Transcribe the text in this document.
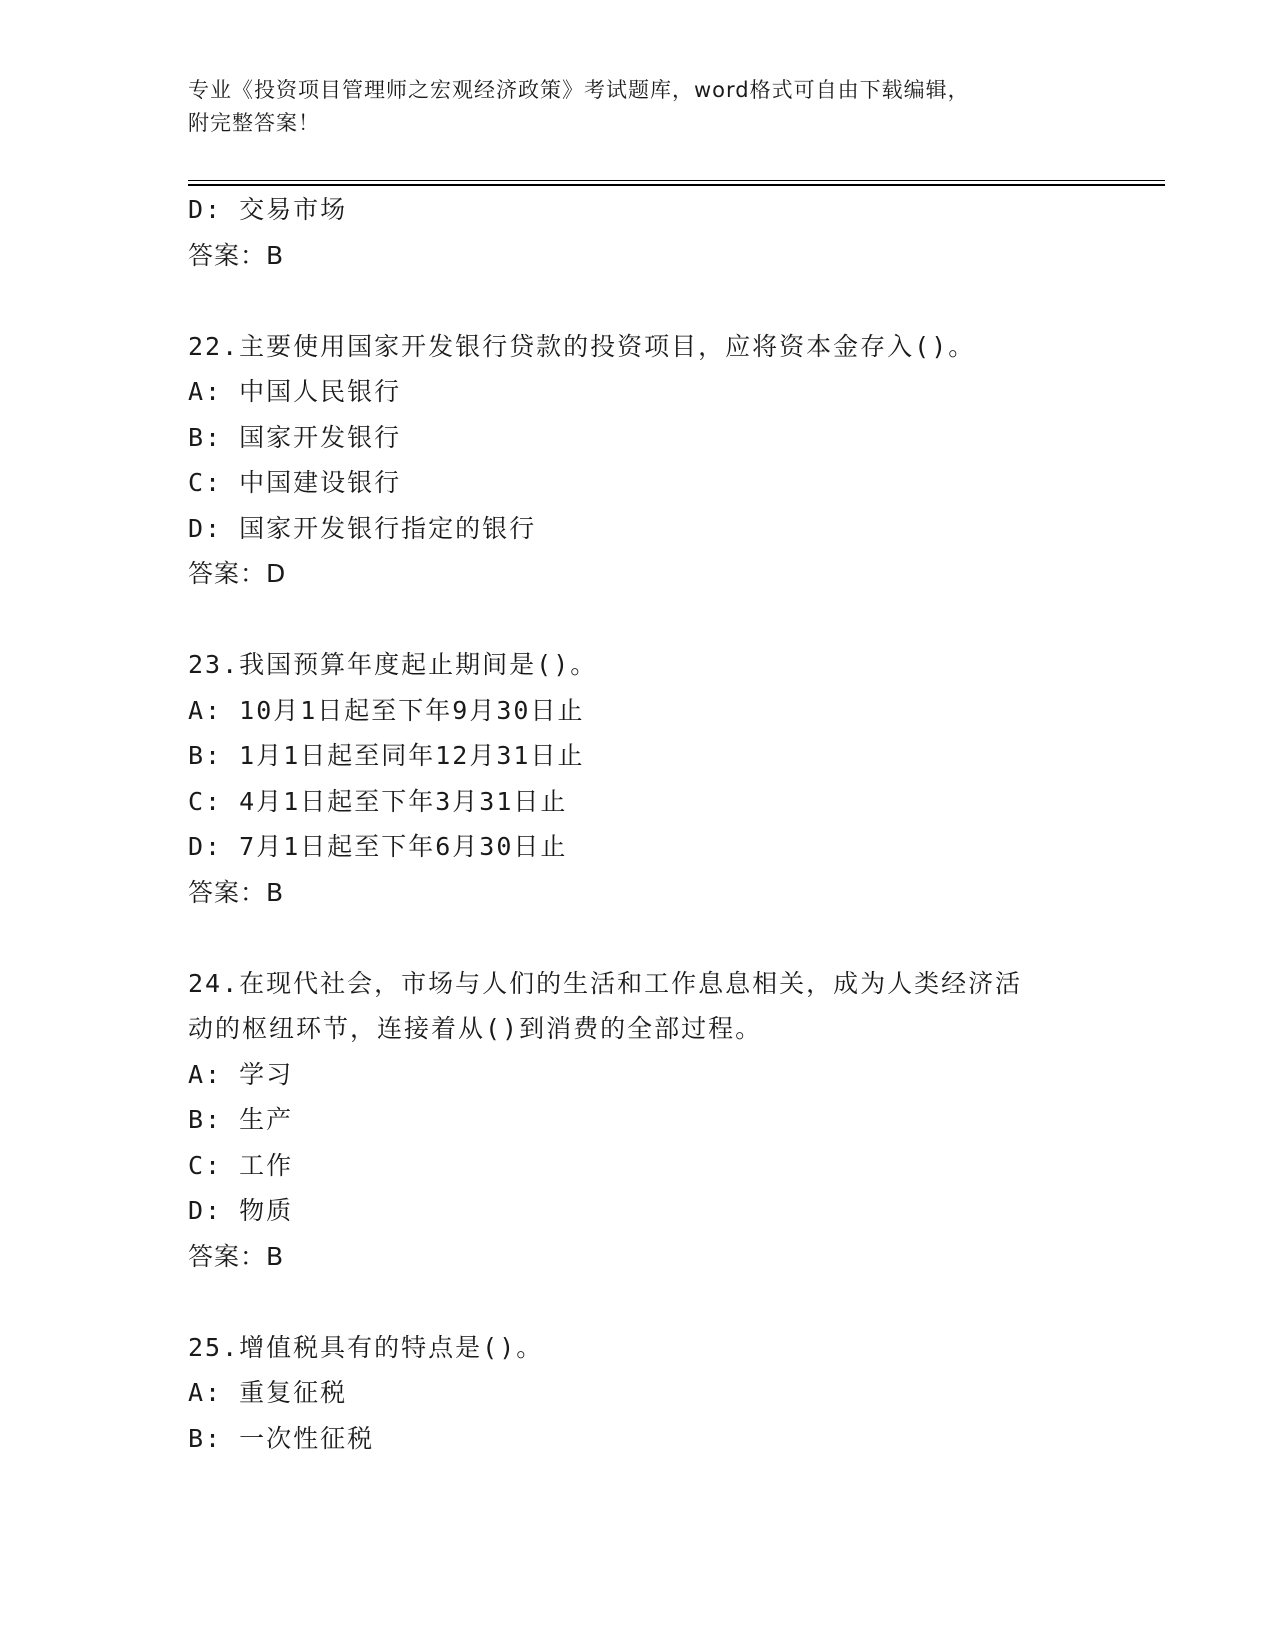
专业《投资项目管理师之宏观经济政策》考试题库，word格式可自由下载编辑，
附完整答案！
D: 交易市场
答案：B
22.主要使用国家开发银行贷款的投资项目，应将资本金存入()。
A: 中国人民银行
B: 国家开发银行
C: 中国建设银行
D: 国家开发银行指定的银行
答案：D
23.我国预算年度起止期间是()。
A: 10月1日起至下年9月30日止
B: 1月1日起至同年12月31日止
C: 4月1日起至下年3月31日止
D: 7月1日起至下年6月30日止
答案：B
24.在现代社会，市场与人们的生活和工作息息相关，成为人类经济活
动的枢纽环节，连接着从()到消费的全部过程。
A: 学习
B: 生产
C: 工作
D: 物质
答案：B
25.增值税具有的特点是()。
A: 重复征税
B: 一次性征税
